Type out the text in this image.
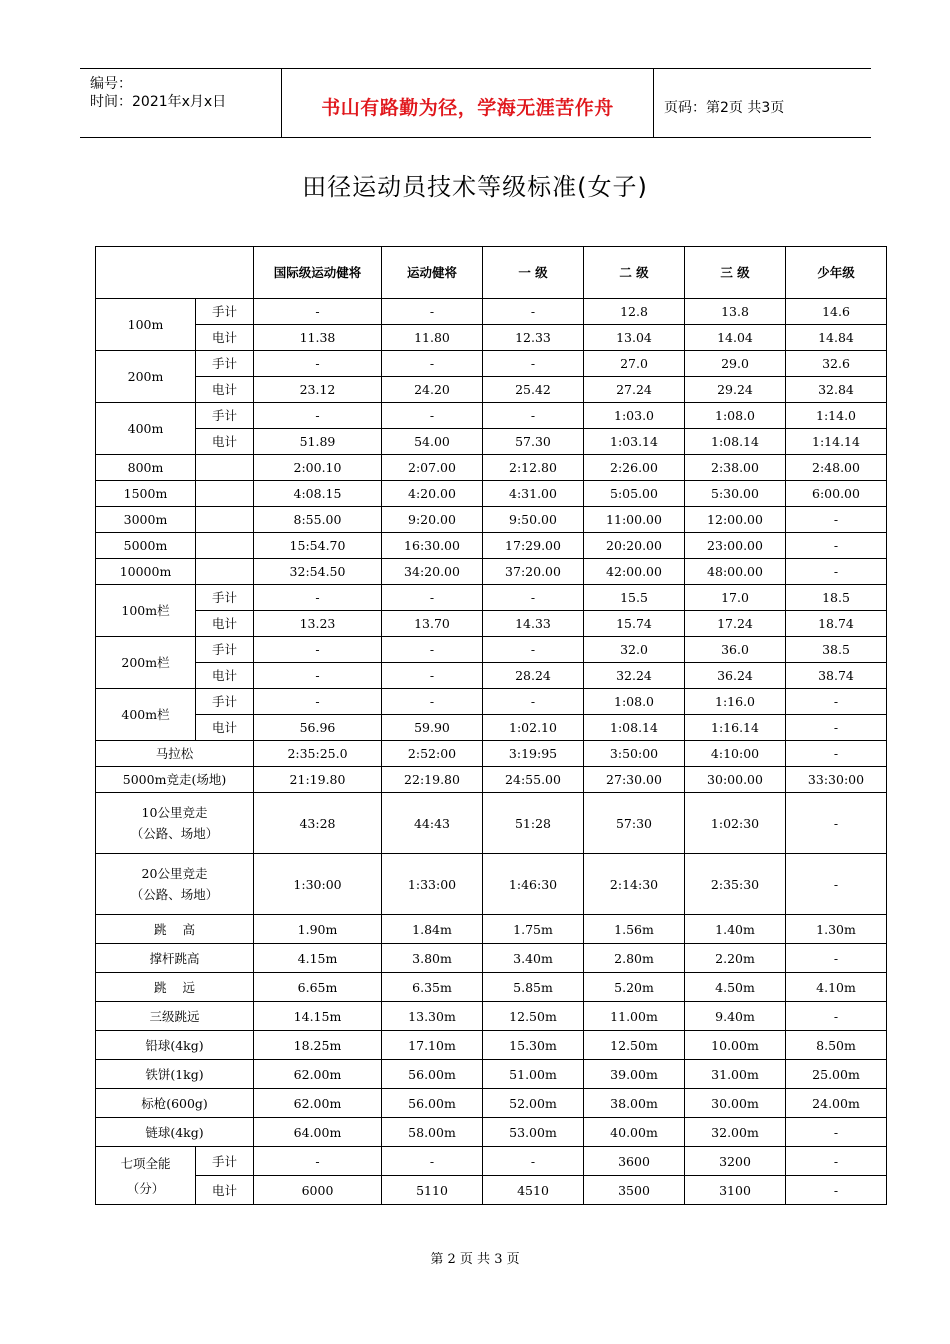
编号：
时间：2021年x月x日	书山有路勤为径，学海无涯苦作舟	页码：第2页 共3页
田径运动员技术等级标准(女子)
		国际级运动健将	运动健将	一 级	二 级	三 级	少年级
100m	手计	-	-	-	12.8	13.8	14.6
	电计	11.38	11.80	12.33	13.04	14.04	14.84
200m	手计	-	-	-	27.0	29.0	32.6
	电计	23.12	24.20	25.42	27.24	29.24	32.84
400m	手计	-	-	-	1:03.0	1:08.0	1:14.0
	电计	51.89	54.00	57.30	1:03.14	1:08.14	1:14.14
800m		2:00.10	2:07.00	2:12.80	2:26.00	2:38.00	2:48.00
1500m		4:08.15	4:20.00	4:31.00	5:05.00	5:30.00	6:00.00
3000m		8:55.00	9:20.00	9:50.00	11:00.00	12:00.00	-
5000m		15:54.70	16:30.00	17:29.00	20:20.00	23:00.00	-
10000m		32:54.50	34:20.00	37:20.00	42:00.00	48:00.00	-
100m栏	手计	-	-	-	15.5	17.0	18.5
	电计	13.23	13.70	14.33	15.74	17.24	18.74
200m栏	手计	-	-	-	32.0	36.0	38.5
	电计	-	-	28.24	32.24	36.24	38.74
400m栏	手计	-	-	-	1:08.0	1:16.0	-
	电计	56.96	59.90	1:02.10	1:08.14	1:16.14	-
马拉松		2:35:25.0	2:52:00	3:19:95	3:50:00	4:10:00	-
5000m竞走(场地)		21:19.80	22:19.80	24:55.00	27:30.00	30:00.00	33:30:00

10公里竞走
（公路、场地）		43:28	44:43	51:28	57:30	1:02:30	-

20公里竞走
（公路、场地）		1:30:00	1:33:00	1:46:30	2:14:30	2:35:30	-
跳    高		1.90m	1.84m	1.75m	1.56m	1.40m	1.30m
撑杆跳高		4.15m	3.80m	3.40m	2.80m	2.20m	-
跳    远		6.65m	6.35m	5.85m	5.20m	4.50m	4.10m
三级跳远		14.15m	13.30m	12.50m	11.00m	9.40m	-
铅球(4kg)		18.25m	17.10m	15.30m	12.50m	10.00m	8.50m
铁饼(1kg)		62.00m	56.00m	51.00m	39.00m	31.00m	25.00m
标枪(600g)		62.00m	56.00m	52.00m	38.00m	30.00m	24.00m
链球(4kg)		64.00m	58.00m	53.00m	40.00m	32.00m	-

七项全能
（分）	手计	-	-	-	3600	3200	-
	电计	6000	5110	4510	3500	3100	-
第 2 页 共 3 页
